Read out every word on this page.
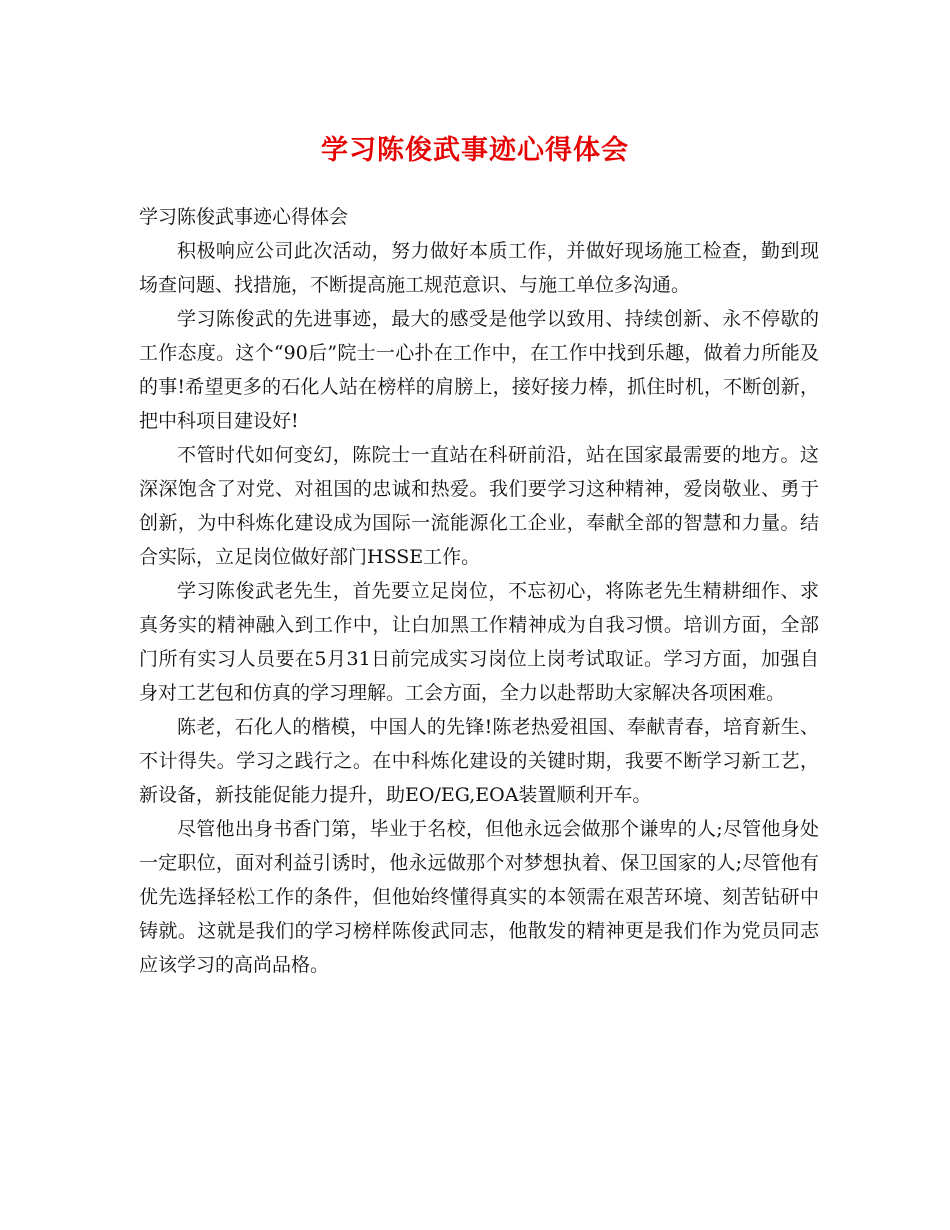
学习陈俊武事迹心得体会

学习陈俊武事迹心得体会

积极响应公司此次活动，努力做好本质工作，并做好现场施工检查，勤到现场查问题、找措施，不断提高施工规范意识、与施工单位多沟通。

学习陈俊武的先进事迹，最大的感受是他学以致用、持续创新、永不停歇的工作态度。这个“90后”院士一心扑在工作中，在工作中找到乐趣，做着力所能及的事!希望更多的石化人站在榜样的肩膀上，接好接力棒，抓住时机，不断创新，把中科项目建设好!

不管时代如何变幻，陈院士一直站在科研前沿，站在国家最需要的地方。这深深饱含了对党、对祖国的忠诚和热爱。我们要学习这种精神，爱岗敬业、勇于创新，为中科炼化建设成为国际一流能源化工企业，奉献全部的智慧和力量。结合实际，立足岗位做好部门HSSE工作。

学习陈俊武老先生，首先要立足岗位，不忘初心，将陈老先生精耕细作、求真务实的精神融入到工作中，让白加黑工作精神成为自我习惯。培训方面，全部门所有实习人员要在5月31日前完成实习岗位上岗考试取证。学习方面，加强自身对工艺包和仿真的学习理解。工会方面，全力以赴帮助大家解决各项困难。

陈老，石化人的楷模，中国人的先锋!陈老热爱祖国、奉献青春，培育新生、不计得失。学习之践行之。在中科炼化建设的关键时期，我要不断学习新工艺，新设备，新技能促能力提升，助EO/EG,EOA装置顺利开车。

尽管他出身书香门第，毕业于名校，但他永远会做那个谦卑的人;尽管他身处一定职位，面对利益引诱时，他永远做那个对梦想执着、保卫国家的人;尽管他有优先选择轻松工作的条件，但他始终懂得真实的本领需在艰苦环境、刻苦钻研中铸就。这就是我们的学习榜样陈俊武同志，他散发的精神更是我们作为党员同志应该学习的高尚品格。
